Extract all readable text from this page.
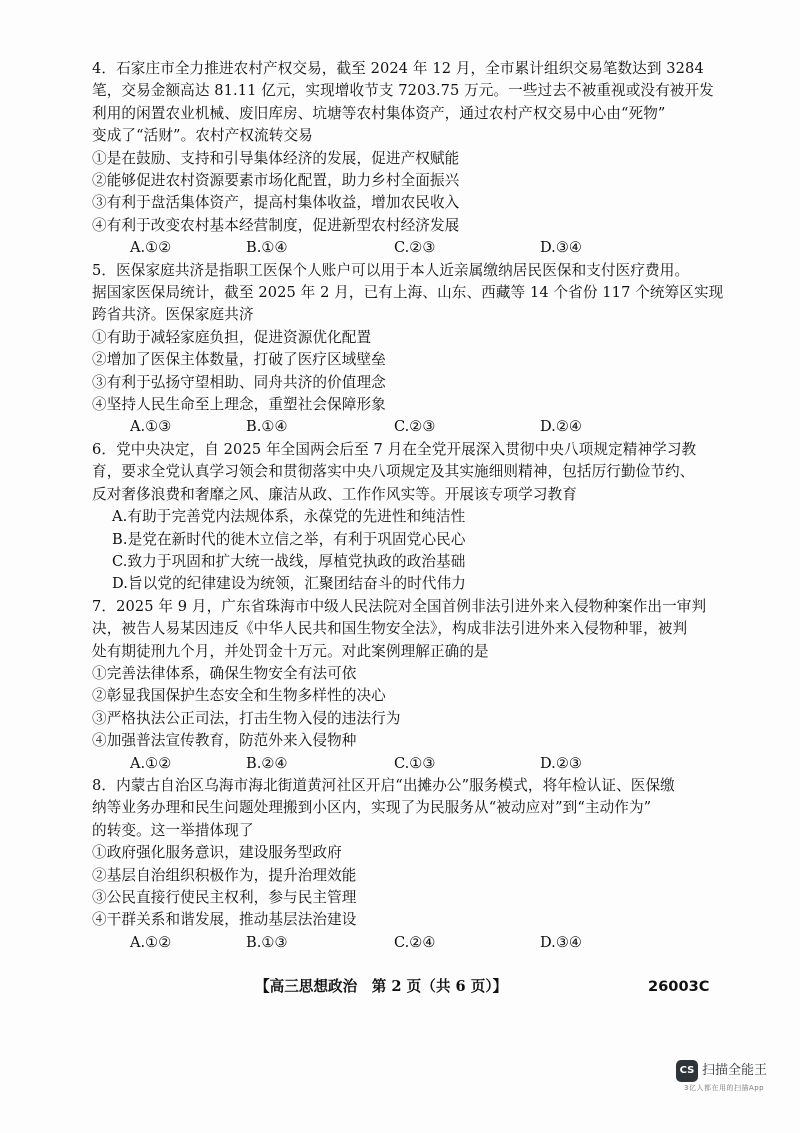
4．石家庄市全力推进农村产权交易，截至 2024 年 12 月，全市累计组织交易笔数达到 3284
笔，交易金额高达 81.11 亿元，实现增收节支 7203.75 万元。一些过去不被重视或没有被开发
利用的闲置农业机械、废旧库房、坑塘等农村集体资产，通过农村产权交易中心由“死物”
变成了“活财”。农村产权流转交易
①是在鼓励、支持和引导集体经济的发展，促进产权赋能
②能够促进农村资源要素市场化配置，助力乡村全面振兴
③有利于盘活集体资产，提高村集体收益，增加农民收入
④有利于改变农村基本经营制度，促进新型农村经济发展
A.①②	B.①④	C.②③	D.③④
5．医保家庭共济是指职工医保个人账户可以用于本人近亲属缴纳居民医保和支付医疗费用。
据国家医保局统计，截至 2025 年 2 月，已有上海、山东、西藏等 14 个省份 117 个统筹区实现
跨省共济。医保家庭共济
①有助于减轻家庭负担，促进资源优化配置
②增加了医保主体数量，打破了医疗区域壁垒
③有利于弘扬守望相助、同舟共济的价值理念
④坚持人民生命至上理念，重塑社会保障形象
A.①③	B.①④	C.②③	D.②④
6．党中央决定，自 2025 年全国两会后至 7 月在全党开展深入贯彻中央八项规定精神学习教
育，要求全党认真学习领会和贯彻落实中央八项规定及其实施细则精神，包括厉行勤俭节约、
反对奢侈浪费和奢靡之风、廉洁从政、工作作风实等。开展该专项学习教育
A.有助于完善党内法规体系，永葆党的先进性和纯洁性
B.是党在新时代的徙木立信之举，有利于巩固党心民心
C.致力于巩固和扩大统一战线，厚植党执政的政治基础
D.旨以党的纪律建设为统领，汇聚团结奋斗的时代伟力
7．2025 年 9 月，广东省珠海市中级人民法院对全国首例非法引进外来入侵物种案作出一审判
决，被告人易某因违反《中华人民共和国生物安全法》，构成非法引进外来入侵物种罪，被判
处有期徒刑九个月，并处罚金十万元。对此案例理解正确的是
①完善法律体系，确保生物安全有法可依
②彰显我国保护生态安全和生物多样性的决心
③严格执法公正司法，打击生物入侵的违法行为
④加强普法宣传教育，防范外来入侵物种
A.①②	B.②④	C.①③	D.②③
8．内蒙古自治区乌海市海北街道黄河社区开启“出摊办公”服务模式，将年检认证、医保缴
纳等业务办理和民生问题处理搬到小区内，实现了为民服务从“被动应对”到“主动作为”
的转变。这一举措体现了
①政府强化服务意识，建设服务型政府
②基层自治组织积极作为，提升治理效能
③公民直接行使民主权利，参与民主管理
④干群关系和谐发展，推动基层法治建设
A.①②	B.①③	C.②④	D.③④
【高三思想政治　第 2 页（共 6 页）】	26003C
CS 扫描全能王
3亿人都在用的扫描App
